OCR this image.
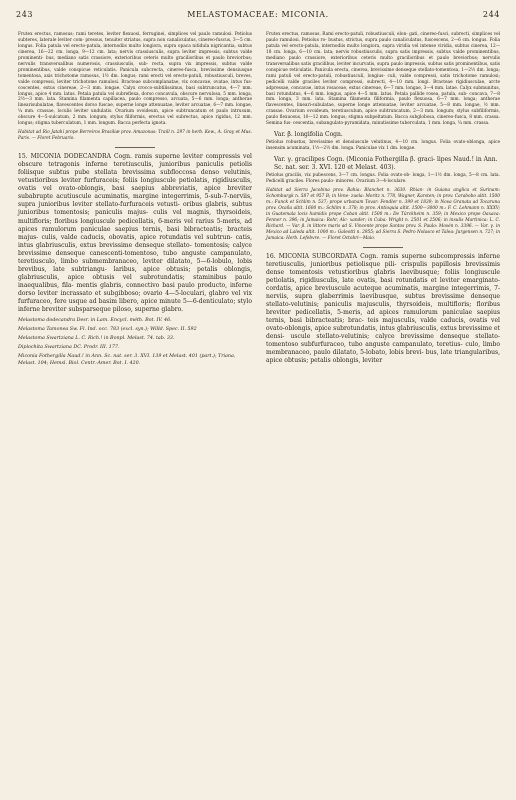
243	MELASTOMACEAE: MICONIA.	244

Frutex erectus, ramosus; rami teretes, leviter flexuosi, ferruginei, simplices vel paulo ramulosi. Petiolus subteres, laterale leviter com- pressus, tenuiter striatus, supra non canaliculatus, cinereo-fuscus, 3—5 cm. longus. Folia patula vel erecto-patula, internodiis multo longiora, supra opaca nitidula nigricantia, subtus cinerea, 16—22 cm. longa, 9—12 cm. lata; nervis crassiusculis, supra leviter impressis, subtus valde prominenti- bus, mediano satis crassiore, exterioribus ceteris multo gracilioribus et paulo breviorbus; nervulis transversalibus numerosis, crassiusculis, sub- recta, supra vix impressis, subtus valde prominentibus, valde conspicue reticulatis. Panicula subcrecta, cinereo-fusca, brevissime densiusque tomentosa, axis trichotome ramosus, 1½ dm. longus; rami erecti vel erecto-patuli, robustiusculi, breves, valde compressi, leviter trichotome ramulosi. Bracteae subcomplanatae, vix concavae, ovatae, intus fus- coscentes, extus cinereae, 2—3 mm. longae. Calyx crocco-subtilissimus, basi subtruncatus, 4—7 mm. longus, apice 4 mm. latus. Petala patula vel subreflexa, dorso concavula, obscure nervulosa, 5 mm. longa, 2½—3 mm. lata. Stamina filamenta capillacea, paulo compresso, arcuata, 5—6 mm. longa; antherae linearisubulatae, flavescentes dorso fuscae, superne longe attenuatae, leviter arcuatae, 6—7 mm. longae, ¼ mm. crassae, loculis leviter undulatis. Ovarium ovoideum, apice subtruncatum et paulo intrusum, obscure 4—5-sulcatum, 2 mm. longum; stylus filiformis, erectus vel subrectus, apice rigidus, 12 mm. longus; stigma tuberculatum, 1 mm. longum. Bacca perfecta ignota.

Habitat ad Rio Jatahí prope Berreiros Brasiliæ prov. Amazonas: Traill n. 297 in herb. Kew., A. Gray et Mus. Paris. — Floret Februario.

15. MICONIA DODECANDRA Cogn. ramis superne leviter compressis vel obscure tetragonis inferne teretiusculis, junioribus paniculis petiolis foliisque subtus pube stellata brevissima subfloccosa denso velutinis, vetustioribus leviter furfuraceis; foliis longiuscule petiolatis, rigidiusculis, ovatis vel ovato-oblongis, basi saepius abbreviatis, apice breviter subabrupte acutiuscule acuminatis, margine integerrimis, 5-sub-7-nerviis, supra junioribus leviter stellato-furfuraceis vetusti- oribus glabris, subtus junioribus tomentosis; paniculis majus- culis vel magnis, thyrsoideis, multifloris; floribus longiuscule pedicellatis, 6-meris vel rarius 5-meris, ad apices ramulorum paniculae saepius ternis, basi bibracteatis; bracteis majus- culis, valde caducis, obovatis, apice rotundatis vel subtrun- catis, intus glabriusculis, extus brevissime denseque stellato- tomentosis; calyce brevissime denseque canescenti-tomentoso, tubo anguste campanulato, teretiusculo, limbo submembranaceo, leviter dilatato, 5—6-lobulo, lobis brevibus, late subtriangu- laribus, apice obtusis; petalis oblongis, glabriusculis, apice obtusis vel subrotundatis; staminibus paulo inaequalibus, fila- mentis glabris, connectivo basi paulo producto, inferne dorso leviter incrassato et subgibboso; ovario 4—5-loculari, glabro vel vix furfuraceo, fere usque ad basim libero, apice minute 5—6-denticulato; stylo inferne breviter subsparseque piloso, superne glabro.

Melastoma dodecandra Desr. in Lam. Encycl. méth. Bot. IV. 46.

Melastoma Tamonea Sw. Fl. Ind. occ. 783 (excl. syn.); Willd. Spec. II. 592

Melastoma Swartziana L. C. Rich.! in Bonpl. Melast. 74. tab. 33.

Diplochita Swartziana DC. Prodr. III. 177.

Miconia Fothergilla Naud.! in Ann. Sc. nat. ser. 3. XVI. 139 et Melast. 401 (part.); Triana, Melast. 104; Hemsl. Biol. Centr.-Amer. Bot. I. 420.

Frutex erectus, ramosus. Rami erecto-patuli, robustiusculi, elon- gati, cinereo-fusci, subrecti, simplices vel paulo ramulosi. Petiolus ro- bustus, strictus, supra paulo canaliculatus, fuscescens, 2—6 cm. longus. Folia patula vel erecto-patula, internodiis multo longiora, supra viridia vel intense viridia, subtus cinerea, 12—18 cm. longa, 6—10 cm. lata; nervis robustiusculis, supra satis impressis, subtus valde prominentibus, mediano paulo crassiore, exterioribus ceteris multo gracilioribus et paulo breviorbus; nervulis transversalibus satis gracilibus, leviter incurvatis, supra paulo impressis, subtus satis prominentibus, satis conspicue reticulatis. Panicula erecta, cinerea, brevissime denseque stellato-tomentosa, 1—2½ dm. longa; rami patuli vel erecto-patuli, robustiusculi, longius- culi, valde compressi, satis trichotome ramulosi; pedicelli valde graciles leviter compressi, subrecti, 4—10 mm. longi. Bracteae rigidiusculae, arcte adpressae, concavae, intus rosaceae, extus cinereae, 6—7 mm. longae, 3—4 mm. latae. Calyx submunitus, basi rotundatus, 4—6 mm. longus, apice 4—5 mm. latus. Petala pallide rosea, patula, sub- concava, 7—8 mm. longa, 3 mm. lata. Stamina filamenta filiformia, paulo flexuosa, 6—7 mm. longa; antherae flavescentes, lineari-subulatae, superne longe attenuatae, leviter arcuatae, 5—8 mm. longae, ½ mm. crassae. Ovarium ovoideum, teretiusculum, apice subtruncatum, 2—3 mm. longum; stylus subfiliformis, paulo flexuosus, 10—12 mm. longus; stigma subpeltatum. Bacca subglobosa, cinereo-fusca, 8 mm. crassa. Semina fus- cescentia, subangulato-pyramidata, minutissime tuberculata, 1 mm. longa, ¼ mm. crassa.

Var. β. longifolia Cogn.

Petiolus robustus, brevissime et densiuscule velutinus, 4—10 cm. longus. Folia ovato-oblonga, apice insensim acuminata, 1½—2½ dm. longa. Paniculae vix 1 dm. longae.

Var. γ. gracilipes Cogn. (Miconia Fothergilla β. graci- lipes Naud.! in Ann. Sc. nat. ser. 3. XVI. 120 et Melast. 403).

Petiolus gracilis, vix pubescens, 3—7 cm. longus. Folia ovato-ob- longa, 1—1½ dm. longa, 5—8 cm. lata. Pedicelli graciles. Flores paulo- minores. Ovarium 3—4-loculare.

Habitat ad Sierra Jacobina prov. Bahia: Blanchet n. 3630. Rhian- in Guiana anglica et Surinam: Schomburgk n. 587 et 957 B; in Vene- zuela: Moritz n. 778, Wagner, Karsten; in prov. Carabobo altit. 1500 m.: Funck et Schlim n. 537; prope urbanam Tovar: Fendler n. 399 et 1839; in Nova Granata ad Tocaruna prov. Ocaña altit. 1600 m.: Schlim n. 378; in prov. Antioquia altit. 1500—3000 m.: F. C. Lehmann n. XXXV; in Guatemala locis humidis prope Coban altit. 1500 m.: De Türckheim n. 359; in Mexico prope Oaxaca: Fenner n. 396; in Jamaica: Rohr, Alc- xander; in Cuba: Wright n. 2501 et 2506; in insulis Martinica: L. C. Richard. — Var. β. in littore maris ad S. Vincente prope Santos prov. S. Paulo: Mosén n. 3396. — Var. γ. in Mexico ad Laleda altit. 1000 m.: Galeotti n. 2955; ad Sierra S. Pedro Nolasco et Talea: Jurgensen n. 727; in Jamaica: Herb. Lefebvre. — Floret Octobri—Maio.

16. MICONIA SUBCORDATA Cogn. ramis superne subcompressis inferne teretiusculis, junioribus petiolisque pili- crispulis papillosis brevissimis dense tomentosis vetustioribus glabris laevibusque; foliis longiuscule petiolatis, rigidiusculis, late ovatis, basi rotundatis et leviter emarginato-cordatis, apice breviuscule acuteque acuminatis, margine integerrimis, 7-nerviis, supra glaberrimis laevibusque, subtus brevissime denseque stellato-velutinis; paniculis majusculis, thyrsoideis, multifloris; floribus breviter pedicellatis, 5-meris, ad apices ramulorum paniculae saepius ternis, basi bibracteatis; brac- teis majusculis, valde caducis, ovatis vel ovato-oblongis, apice subrotundatis, intus glabriusculis, extus brevissime et densi- uscule stellato-velutinis; calyce brevissime denseque stellato- tomentoso subfurfuraceo, tubo anguste campanulato, teretius- culo, limbo membranaceo, paulo dilatato, 5-lobato, lobis brevi- bus, late triangularibus, apice obtusis; petalis oblongis, leviter
